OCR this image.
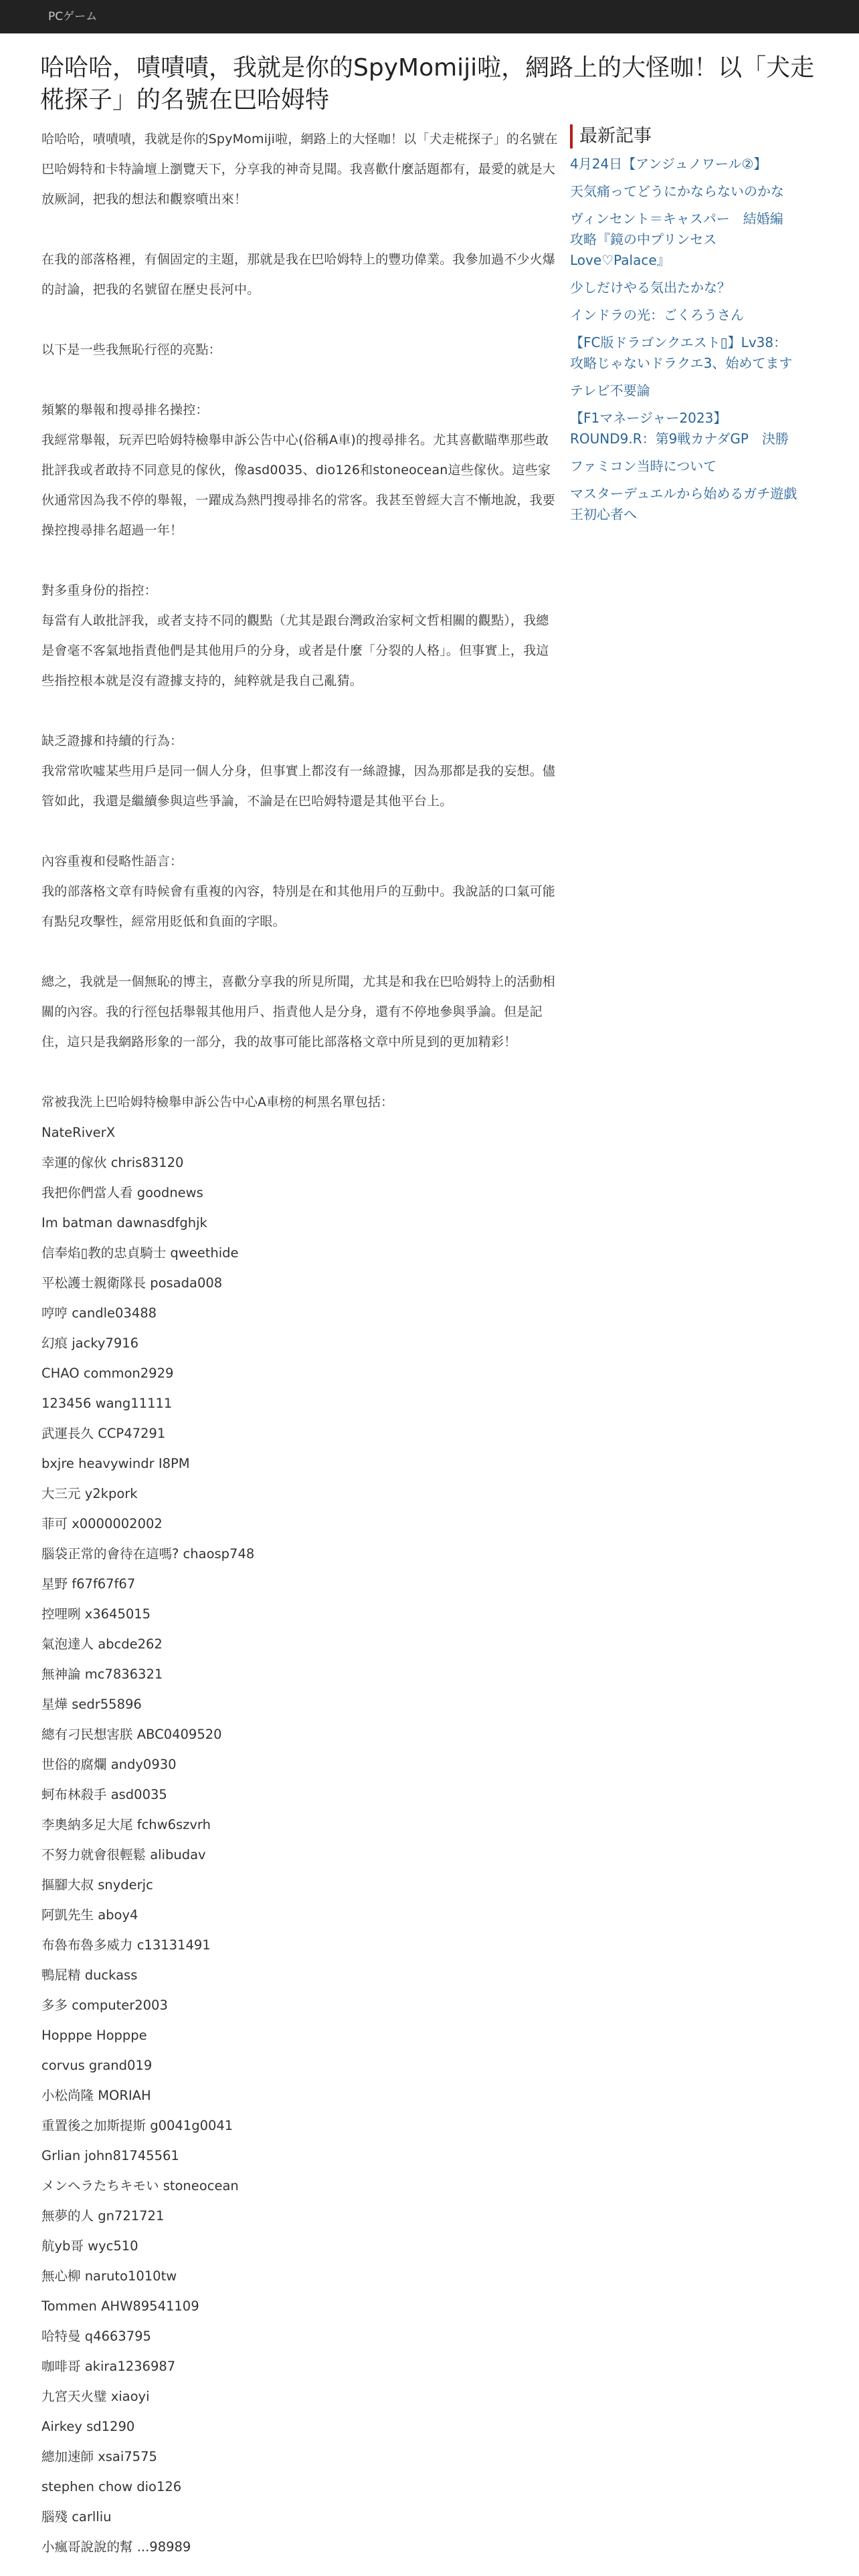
PCゲーム
哈哈哈，嘖嘖嘖，我就是你的SpyMomiji啦，網路上的大怪咖！以「犬走椛探子」的名號在巴哈姆特

哈哈哈，嘖嘖嘖，我就是你的SpyMomiji啦，網路上的大怪咖！以「犬走椛探子」的名號在巴哈姆特和卡特論壇上瀏覽天下，分享我的神奇見聞。我喜歡什麼話題都有，最愛的就是大放厥詞，把我的想法和觀察噴出來！

在我的部落格裡，有個固定的主題，那就是我在巴哈姆特上的豐功偉業。我參加過不少火爆的討論，把我的名號留在歷史長河中。

以下是一些我無恥行徑的亮點：

頻繁的舉報和搜尋排名操控：
我經常舉報，玩弄巴哈姆特檢舉申訴公告中心(俗稱A車)的搜尋排名。尤其喜歡瞄準那些敢批評我或者敢持不同意見的傢伙，像asd0035、dio126和stoneocean這些傢伙。這些家伙通常因為我不停的舉報，一躍成為熱門搜尋排名的常客。我甚至曾經大言不慚地說，我要操控搜尋排名超過一年！

對多重身份的指控：
每當有人敢批評我，或者支持不同的觀點（尤其是跟台灣政治家柯文哲相關的觀點），我總是會毫不客氣地指責他們是其他用戶的分身，或者是什麼「分裂的人格」。但事實上，我這些指控根本就是沒有證據支持的，純粹就是我自己亂猜。

缺乏證據和持續的行為：
我常常吹噓某些用戶是同一個人分身，但事實上都沒有一絲證據，因為那都是我的妄想。儘管如此，我還是繼續參與這些爭論，不論是在巴哈姆特還是其他平台上。

內容重複和侵略性語言：
我的部落格文章有時候會有重複的內容，特別是在和其他用戶的互動中。我說話的口氣可能有點兒攻擊性，經常用貶低和負面的字眼。

總之，我就是一個無恥的博主，喜歡分享我的所見所聞，尤其是和我在巴哈姆特上的活動相關的內容。我的行徑包括舉報其他用戶、指責他人是分身，還有不停地參與爭論。但是記住，這只是我網路形象的一部分，我的故事可能比部落格文章中所見到的更加精彩！

常被我洗上巴哈姆特檢舉申訴公告中心A車榜的柯黑名單包括：
NateRiverX
幸運的傢伙 chris83120
我把你們當人看 goodnews
Im batman dawnasdfghjk
信奉焰▯教的忠貞騎士 qweethide
平松護士親衛隊長 posada008
哼哼 candle03488
幻痕 jacky7916
CHAO common2929
123456 wang11111
武運長久 CCP47291
bxjre heavywindr I8PM
大三元 y2kpork
菲可 x0000002002
腦袋正常的會待在這嗎? chaosp748
星野 f67f67f67
控哩咧 x3645015
氣泡達人 abcde262
無神論 mc7836321
星燁 sedr55896
總有刁民想害朕 ABC0409520
世俗的腐爛 andy0930
蚵布林殺手 asd0035
李奧納多足大尾 fchw6szvrh
不努力就會很輕鬆 alibudav
摳腳大叔 snyderjc
阿凱先生 aboy4
布魯布魯多威力 c13131491
鴨屁精 duckass
多多 computer2003
Hopppe Hopppe
corvus grand019
小松尚隆 MORIAH
重置後之加斯提斯 g0041g0041
Grlian john81745561
メンヘラたちキモい stoneocean
無夢的人 gn721721
航yb哥 wyc510
無心柳 naruto1010tw
Tommen AHW89541109
哈特曼 q4663795
咖啡哥 akira1236987
九宮天火璧 xiaoyi
Airkey sd1290
總加速師 xsai7575
stephen chow dio126
腦殘 carlliu
小瘋哥說說的幫 ...98989
最新記事
4月24日【アンジュノワール②】
天気痛ってどうにかならないのかな
ヴィンセント＝キャスパー　結婚編 攻略『鏡の中プリンセス Love♡Palace』
少しだけやる気出たかな？
インドラの光：ごくろうさん
【FC版ドラゴンクエスト▯】Lv38：攻略じゃないドラクエ3、始めてます
テレビ不要論
【F1マネージャー2023】ROUND9.R：第9戦カナダGP　決勝
ファミコン当時について
マスターデュエルから始めるガチ遊戯王初心者へ
